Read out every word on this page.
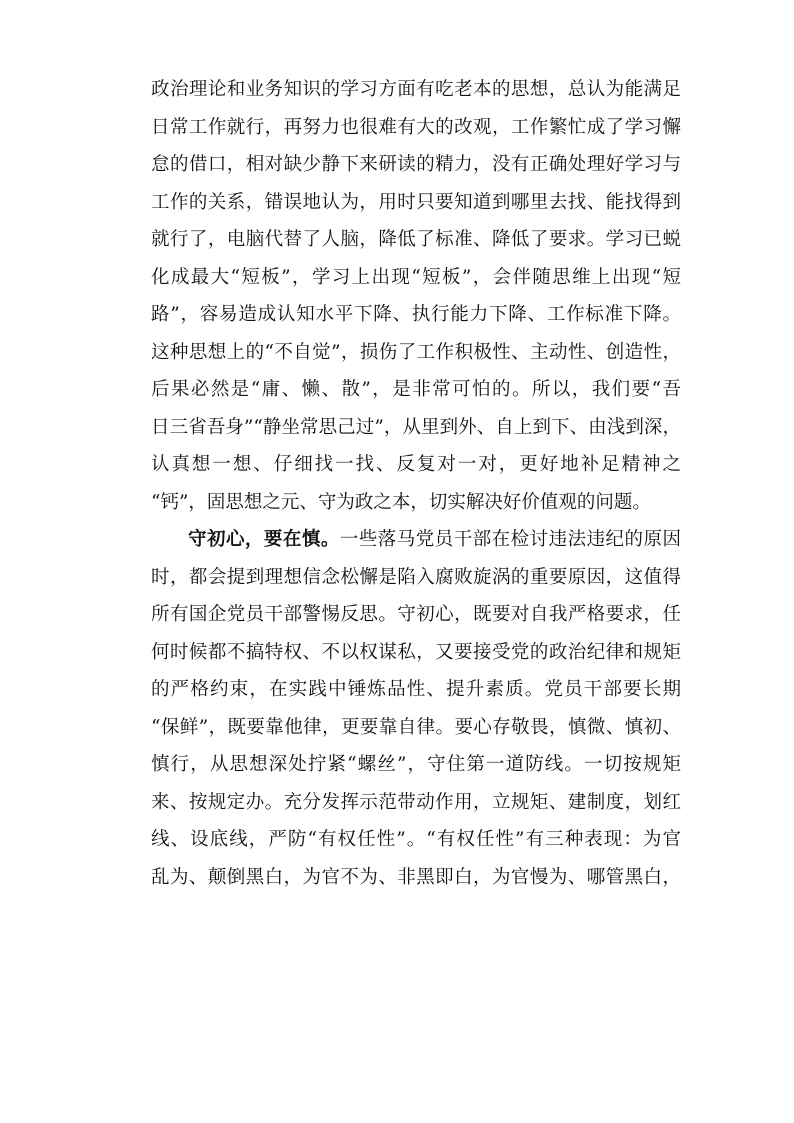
政治理论和业务知识的学习方面有吃老本的思想，总认为能满足
日常工作就行，再努力也很难有大的改观，工作繁忙成了学习懈
怠的借口，相对缺少静下来研读的精力，没有正确处理好学习与
工作的关系，错误地认为，用时只要知道到哪里去找、能找得到
就行了，电脑代替了人脑，降低了标准、降低了要求。学习已蜕
化成最大“短板”，学习上出现“短板”，会伴随思维上出现“短
路”，容易造成认知水平下降、执行能力下降、工作标准下降。
这种思想上的“不自觉”，损伤了工作积极性、主动性、创造性，
后果必然是“庸、懒、散”，是非常可怕的。所以，我们要“吾
日三省吾身”“静坐常思己过”，从里到外、自上到下、由浅到深，
认真想一想、仔细找一找、反复对一对，更好地补足精神之
“钙”，固思想之元、守为政之本，切实解决好价值观的问题。
守初心，要在慎。一些落马党员干部在检讨违法违纪的原因
时，都会提到理想信念松懈是陷入腐败旋涡的重要原因，这值得
所有国企党员干部警惕反思。守初心，既要对自我严格要求，任
何时候都不搞特权、不以权谋私，又要接受党的政治纪律和规矩
的严格约束，在实践中锤炼品性、提升素质。党员干部要长期
“保鲜”，既要靠他律，更要靠自律。要心存敬畏，慎微、慎初、
慎行，从思想深处拧紧“螺丝”，守住第一道防线。一切按规矩
来、按规定办。充分发挥示范带动作用，立规矩、建制度，划红
线、设底线，严防“有权任性”。“有权任性”有三种表现：为官
乱为、颠倒黑白，为官不为、非黑即白，为官慢为、哪管黑白，
